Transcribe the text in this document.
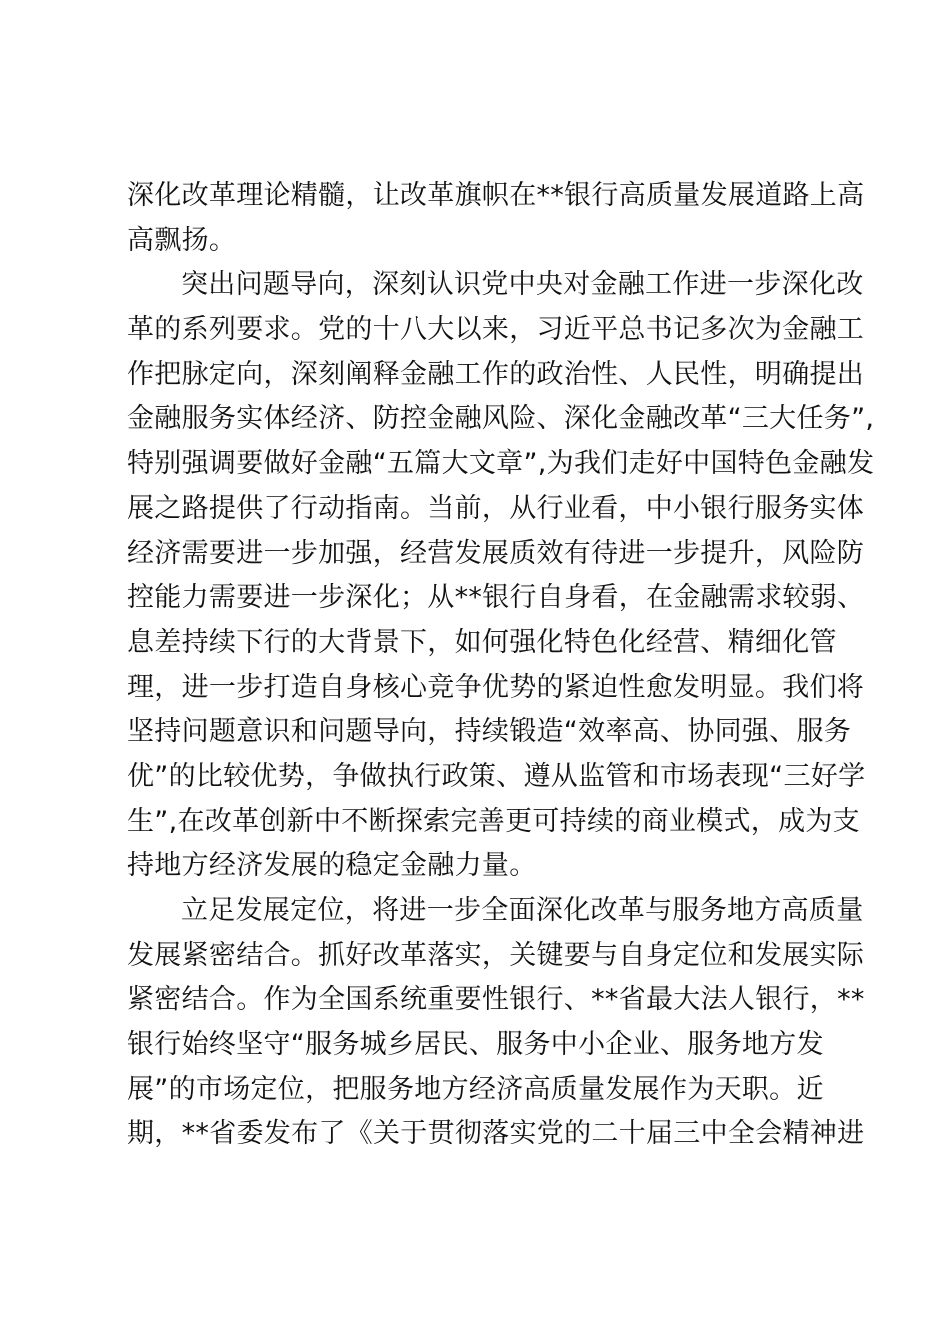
深化改革理论精髓，让改革旗帜在**银行高质量发展道路上高
高飘扬。
突出问题导向，深刻认识党中央对金融工作进一步深化改
革的系列要求。党的十八大以来，习近平总书记多次为金融工
作把脉定向，深刻阐释金融工作的政治性、人民性，明确提出
金融服务实体经济、防控金融风险、深化金融改革“三大任务”,
特别强调要做好金融“五篇大文章”,为我们走好中国特色金融发
展之路提供了行动指南。当前，从行业看，中小银行服务实体
经济需要进一步加强，经营发展质效有待进一步提升，风险防
控能力需要进一步深化；从**银行自身看，在金融需求较弱、
息差持续下行的大背景下，如何强化特色化经营、精细化管
理，进一步打造自身核心竞争优势的紧迫性愈发明显。我们将
坚持问题意识和问题导向，持续锻造“效率高、协同强、服务
优”的比较优势，争做执行政策、遵从监管和市场表现“三好学
生”,在改革创新中不断探索完善更可持续的商业模式，成为支
持地方经济发展的稳定金融力量。
立足发展定位，将进一步全面深化改革与服务地方高质量
发展紧密结合。抓好改革落实，关键要与自身定位和发展实际
紧密结合。作为全国系统重要性银行、**省最大法人银行，**
银行始终坚守“服务城乡居民、服务中小企业、服务地方发
展”的市场定位，把服务地方经济高质量发展作为天职。近
期，**省委发布了《关于贯彻落实党的二十届三中全会精神进
